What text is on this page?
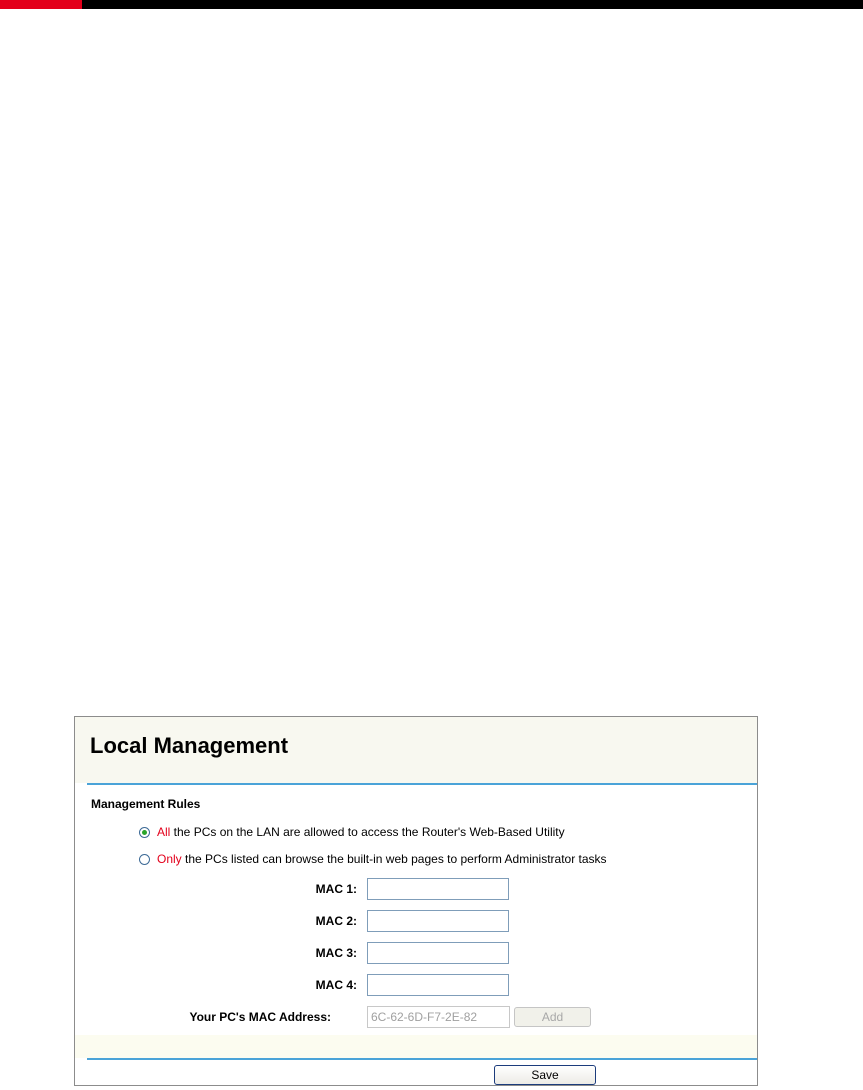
Local Management
Management Rules
All the PCs on the LAN are allowed to access the Router's Web-Based Utility
Only the PCs listed can browse the built-in web pages to perform Administrator tasks
MAC 1:
MAC 2:
MAC 3:
MAC 4:
Your PC's MAC Address:
6C-62-6D-F7-2E-82	Add
Save
